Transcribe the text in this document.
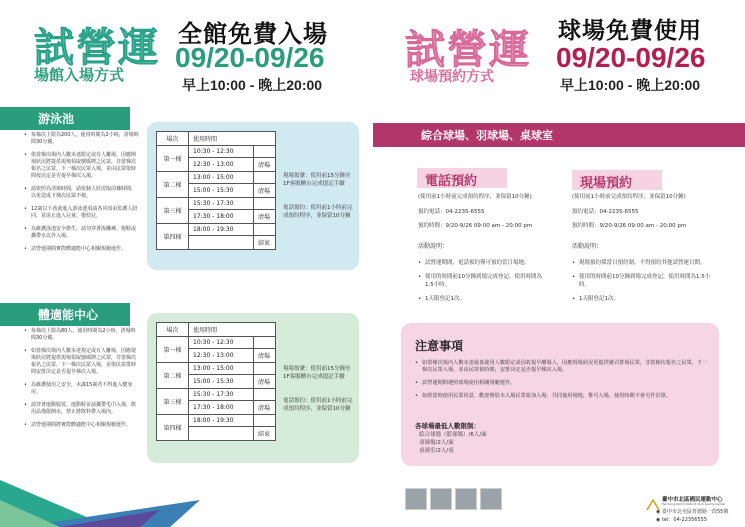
試營運
場館入場方式
全館免費入場
09/20-09/26
早上10:00 - 晚上20:00
試營運
球場預約方式
球場免費使用
09/20-09/26
早上10:00 - 晚上20:00
游泳池
• 每梯次上限為200人，使用時間為2小時，清場時間30分鐘。
• 依當梯次場內人數未達限定或有人離場，因應開場狀況將提供現場領取號碼牌之民眾，非當梯次報名之民眾，下一梯次民眾入場，並由民眾依時間按決定是否提早梯次入場。
• 請依照為清場時間，請依個人狀況取前賽時間，以免造成下梯次民眾不便。
• 12歲以下孩童進入游泳池須請各同須由監護人陪同，並需止進入兒童、嬰幼兒。
• 為維護泳池安全衛生，請勿穿著海灘褲、拖鞋或攜帶水以外入場。
• 試營運期間實際體適能中心相關規範運作。
場次	使用時間	
第一梯	10:30 - 12:30	
	12:30 - 13:00	清場
第二梯	13:00 - 15:00	
	15:00 - 15:30	清場
第三梯	15:30 - 17:30	
	17:30 - 18:00	清場
第四梯	18:00 - 19:30	
		結束
現場領號：使用前15分鐘至1F客服櫃台完成提記手續
電話預約：使用前1小時前完成預約程序，並保留10分鐘
體適能中心
• 每梯次上限為80人，使用時間為2小時，清場時間30分鐘。
• 如當梯次場內人數未達規定或有人離場，因應現場狀況將提供現場領取號碼牌之民眾，非當梯次報名之民眾，下一梯次民眾入場，並依民眾排時間安排決定是否提早梯次入場。
• 為維護使用之安全，未滿15歲者不得進入健身房。
• 請穿著運動服裝，運動鞋並請攜帶毛巾入場，飲用品僅限開水，禁止將飲料帶入場內。
• 試營運期間將實際體適能中心相關規範運作。
場次	使用時間	
第一梯	10:30 - 12:30	
	12:30 - 13:00	清場
第二梯	13:00 - 15:00	
	15:00 - 15:30	清場
第三梯	15:30 - 17:30	
	17:30 - 18:00	清場
第四梯	18:00 - 19:30	
		結束
現場領號：使用前15分鐘至1F客服櫃台完成提記手續
電話預約：使用前1小時前完成預約程序，並保留10分鐘
綜合球場、羽球場、桌球室
電話預約
(使用前1小時前完成預約程序，並保留10分鐘)
預約電話：04-2235-6555
預約時間：9/20-9/26 09:00 am - 20:00 pm
活動說明：
• 試營運期間，電話預約僅可預約當日場地。
• 使用的時間前10分鐘到場完成登記，使用時間為1.5小時。
• 1天限登記1次。
現場預約
(使用前1小時前完成預約程序，並保留10分鐘)
預約電話：04-2235-6555
預約時間：9/20-9/26 09:00 am - 20:00 pm
活動說明：
• 現場預約採當日預約制，不得預約其他試營運日期。
• 使用的時間前10分鐘到場完成登記，使用時間為1.5小時。
• 1天限登記1次。
注意事項
• 如當梯次場內人數未達最低使用人數限定或因故提早離場人，因應現場狀況更提供號召排場民眾，非當梯次報名之民眾，下一梯次民眾入場，並由民眾依時間，安排決定是否提早梯次入場。
• 試營運期間遵照球場使用相關規範運作。
• 如經當時使用民眾同意，歡迎開放未入場民眾報加入場，共同使用場地，惟可入場，使用時間不會另作計算。
各球場最低人數限制：
綜合球場（籃球場）/6人/面
羽球場/2人/面
桌球室/2人/桌
臺中市北區國民運動中心
Taichung North District Civil Sports Center
◉ 臺中市北屯區育德路一段55號
◉ tel：04-22356555
